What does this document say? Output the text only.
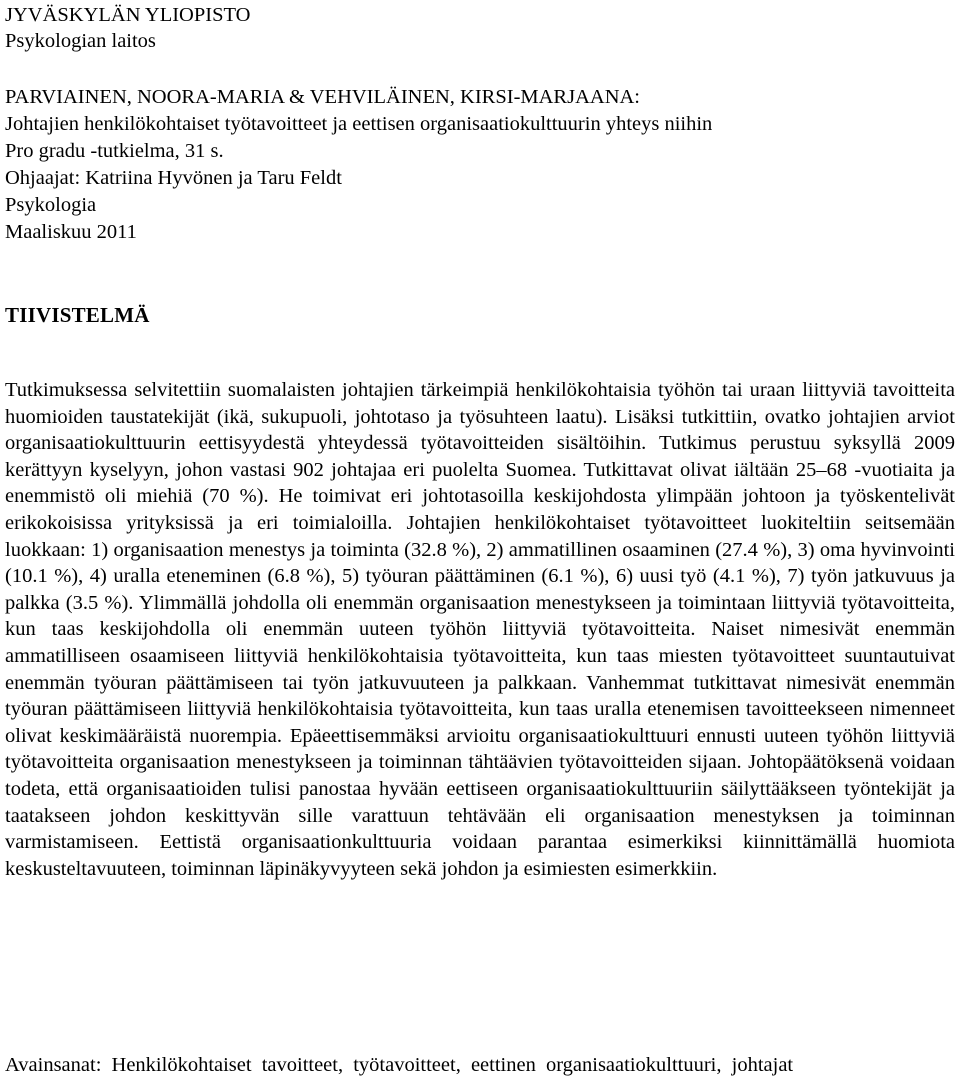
JYVÄSKYLÄN YLIOPISTO
Psykologian laitos
PARVIAINEN, NOORA-MARIA & VEHVILÄINEN, KIRSI-MARJAANA:
Johtajien henkilökohtaiset työtavoitteet ja eettisen organisaatiokulttuurin yhteys niihin
Pro gradu -tutkielma, 31 s.
Ohjaajat: Katriina Hyvönen ja Taru Feldt
Psykologia
Maaliskuu 2011
TIIVISTELMÄ

Tutkimuksessa selvitettiin suomalaisten johtajien tärkeimpiä henkilökohtaisia työhön tai uraan liittyviä tavoitteita huomioiden taustatekijät (ikä, sukupuoli, johtotaso ja työsuhteen laatu). Lisäksi tutkittiin, ovatko johtajien arviot organisaatiokulttuurin eettisyydestä yhteydessä työtavoitteiden sisältöihin. Tutkimus perustuu syksyllä 2009 kerättyyn kyselyyn, johon vastasi 902 johtajaa eri puolelta Suomea. Tutkittavat olivat iältään 25–68 -vuotiaita ja enemmistö oli miehiä (70 %). He toimivat eri johtotasoilla keskijohdosta ylimpään johtoon ja työskentelivät erikokoisissa yrityksissä ja eri toimialoilla. Johtajien henkilökohtaiset työtavoitteet luokiteltiin seitsemään luokkaan: 1) organisaation menestys ja toiminta (32.8 %), 2) ammatillinen osaaminen (27.4 %), 3) oma hyvinvointi (10.1 %), 4) uralla eteneminen (6.8 %), 5) työuran päättäminen (6.1 %), 6) uusi työ (4.1 %), 7) työn jatkuvuus ja palkka (3.5 %). Ylimmällä johdolla oli enemmän organisaation menestykseen ja toimintaan liittyviä työtavoitteita, kun taas keskijohdolla oli enemmän uuteen työhön liittyviä työtavoitteita. Naiset nimesivät enemmän ammatilliseen osaamiseen liittyviä henkilökohtaisia työtavoitteita, kun taas miesten työtavoitteet suuntautuivat enemmän työuran päättämiseen tai työn jatkuvuuteen ja palkkaan. Vanhemmat tutkittavat nimesivät enemmän työuran päättämiseen liittyviä henkilökohtaisia työtavoitteita, kun taas uralla etenemisen tavoitteekseen nimenneet olivat keskimääräistä nuorempia. Epäeettisemmäksi arvioitu organisaatiokulttuuri ennusti uuteen työhön liittyviä työtavoitteita organisaation menestykseen ja toiminnan tähtäävien työtavoitteiden sijaan. Johtopäätöksenä voidaan todeta, että organisaatioiden tulisi panostaa hyvään eettiseen organisaatiokulttuuriin säilyttääkseen työntekijät ja taatakseen johdon keskittyvän sille varattuun tehtävään eli organisaation menestyksen ja toiminnan varmistamiseen. Eettistä organisaationkulttuuria voidaan parantaa esimerkiksi kiinnittämällä huomiota keskusteltavuuteen, toiminnan läpinäkyvyyteen sekä johdon ja esimiesten esimerkkiin.

Avainsanat: Henkilökohtaiset tavoitteet, työtavoitteet, eettinen organisaatiokulttuuri, johtajat
